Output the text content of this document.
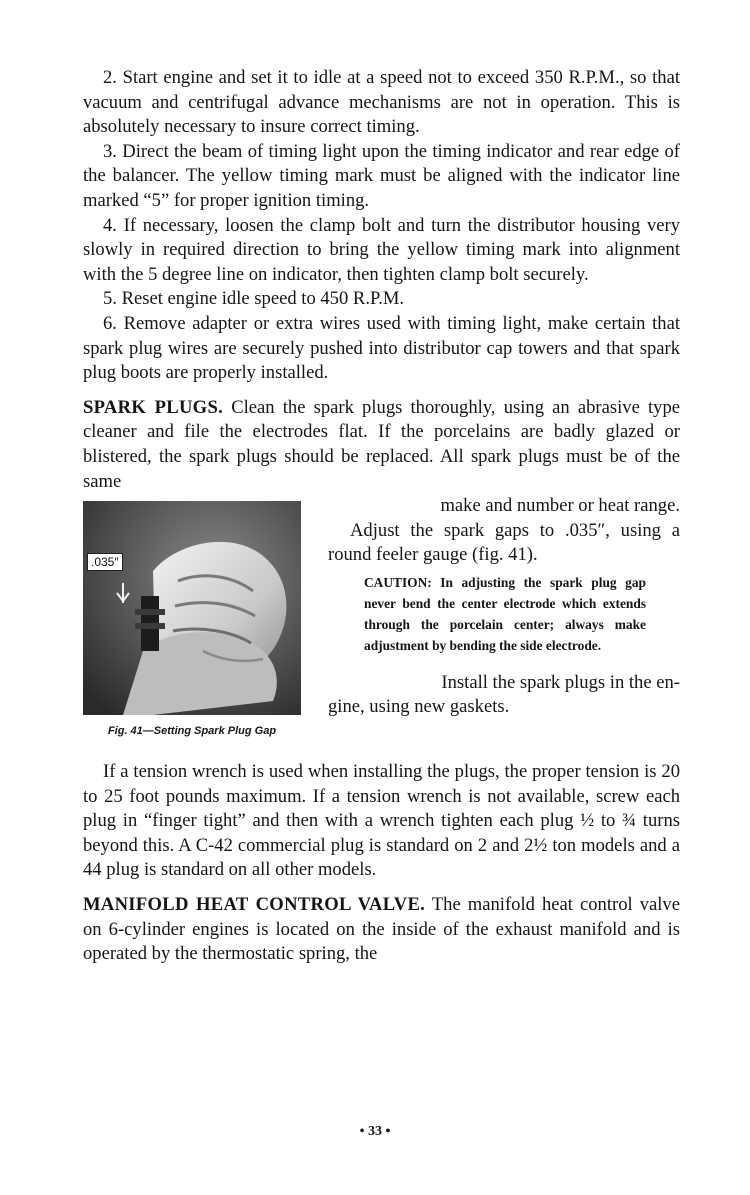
2. Start engine and set it to idle at a speed not to exceed 350 R.P.M., so that vacuum and centrifugal advance mechanisms are not in operation. This is absolutely necessary to insure correct timing.

3. Direct the beam of timing light upon the timing indicator and rear edge of the balancer. The yellow timing mark must be aligned with the indicator line marked “5” for proper ignition timing.

4. If necessary, loosen the clamp bolt and turn the distributor housing very slowly in required direction to bring the yellow timing mark into alignment with the 5 degree line on indicator, then tighten clamp bolt securely.

5. Reset engine idle speed to 450 R.P.M.

6. Remove adapter or extra wires used with timing light, make certain that spark plug wires are securely pushed into distributor cap towers and that spark plug boots are properly installed.

SPARK PLUGS. Clean the spark plugs thoroughly, using an abrasive type cleaner and file the electrodes flat. If the porcelains are badly glazed or blistered, the spark plugs should be replaced. All spark plugs must be of the same

.035″
Fig. 41—Setting Spark Plug Gap

make and number or heat range.

Adjust the spark gaps to .035″, using a round feeler gauge (fig. 41).

CAUTION: In adjusting the spark plug gap never bend the center electrode which extends through the porcelain center; always make adjustment by bending the side electrode.

Install the spark plugs in the en-
gine, using new gaskets.

If a tension wrench is used when installing the plugs, the proper tension is 20 to 25 foot pounds maximum. If a tension wrench is not available, screw each plug in “finger tight” and then with a wrench tighten each plug ½ to ¾ turns beyond this. A C-42 commercial plug is standard on 2 and 2½ ton models and a 44 plug is standard on all other models.

MANIFOLD HEAT CONTROL VALVE. The manifold heat control valve on 6-cylinder engines is located on the inside of the exhaust manifold and is operated by the thermostatic spring, the

• 33 •
